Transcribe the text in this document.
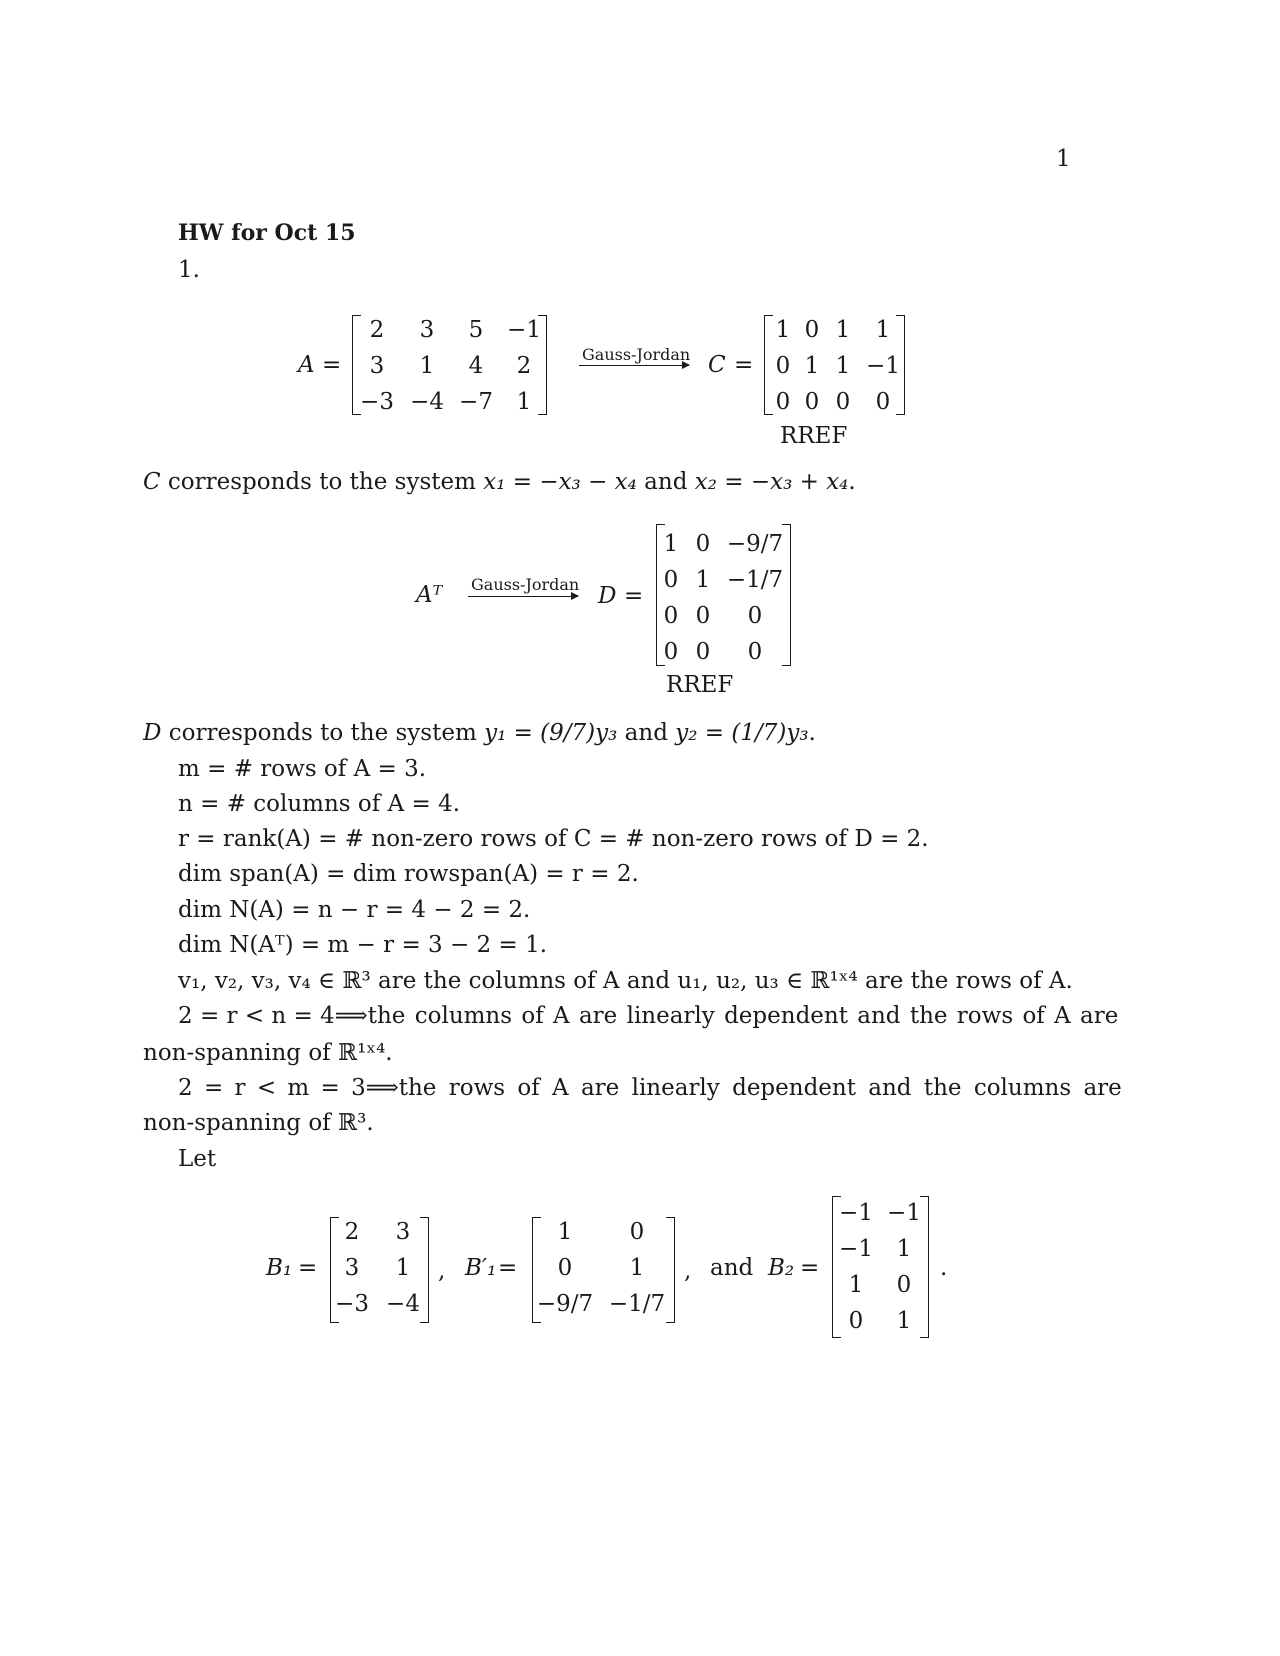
1
HW for Oct 15
1.
A =
2	3	5	−1
3	1	4	2
−3 −4 −7	1
Gauss-Jordan C =
1 0 1	1
0 1 1 −1
0 0 0	0
RREF
C corresponds to the system x₁ = −x₃ − x₄ and x₂ = −x₃ + x₄.
Aᵀ Gauss-Jordan D =
1 0 −9/7
0 1 −1/7
0 0	0
0 0	0
RREF
D corresponds to the system y₁ = (9/7)y₃ and y₂ = (1/7)y₃.
m = # rows of A = 3.
n = # columns of A = 4.
r = rank(A) = # non-zero rows of C = # non-zero rows of D = 2.
dim span(A) = dim rowspan(A) = r = 2.
dim N(A) = n − r = 4 − 2 = 2.
dim N(Aᵀ) = m − r = 3 − 2 = 1.
v₁, v₂, v₃, v₄ ∈ ℝ³ are the columns of A and u₁, u₂, u₃ ∈ ℝ¹ˣ⁴ are the rows of A.
2 = r < n = 4 ⟹ the columns of A are linearly dependent and the rows of A are
non-spanning of ℝ¹ˣ⁴.
2 = r < m = 3 ⟹ the rows of A are linearly dependent and the columns are
non-spanning of ℝ³.
Let
B₁ =
2	3
3	1
−3 −4
, B′₁ =
1	0
0	1
−9/7 −1/7
, and B₂ =
−1 −1
−1	1
1	0
0	1
.
